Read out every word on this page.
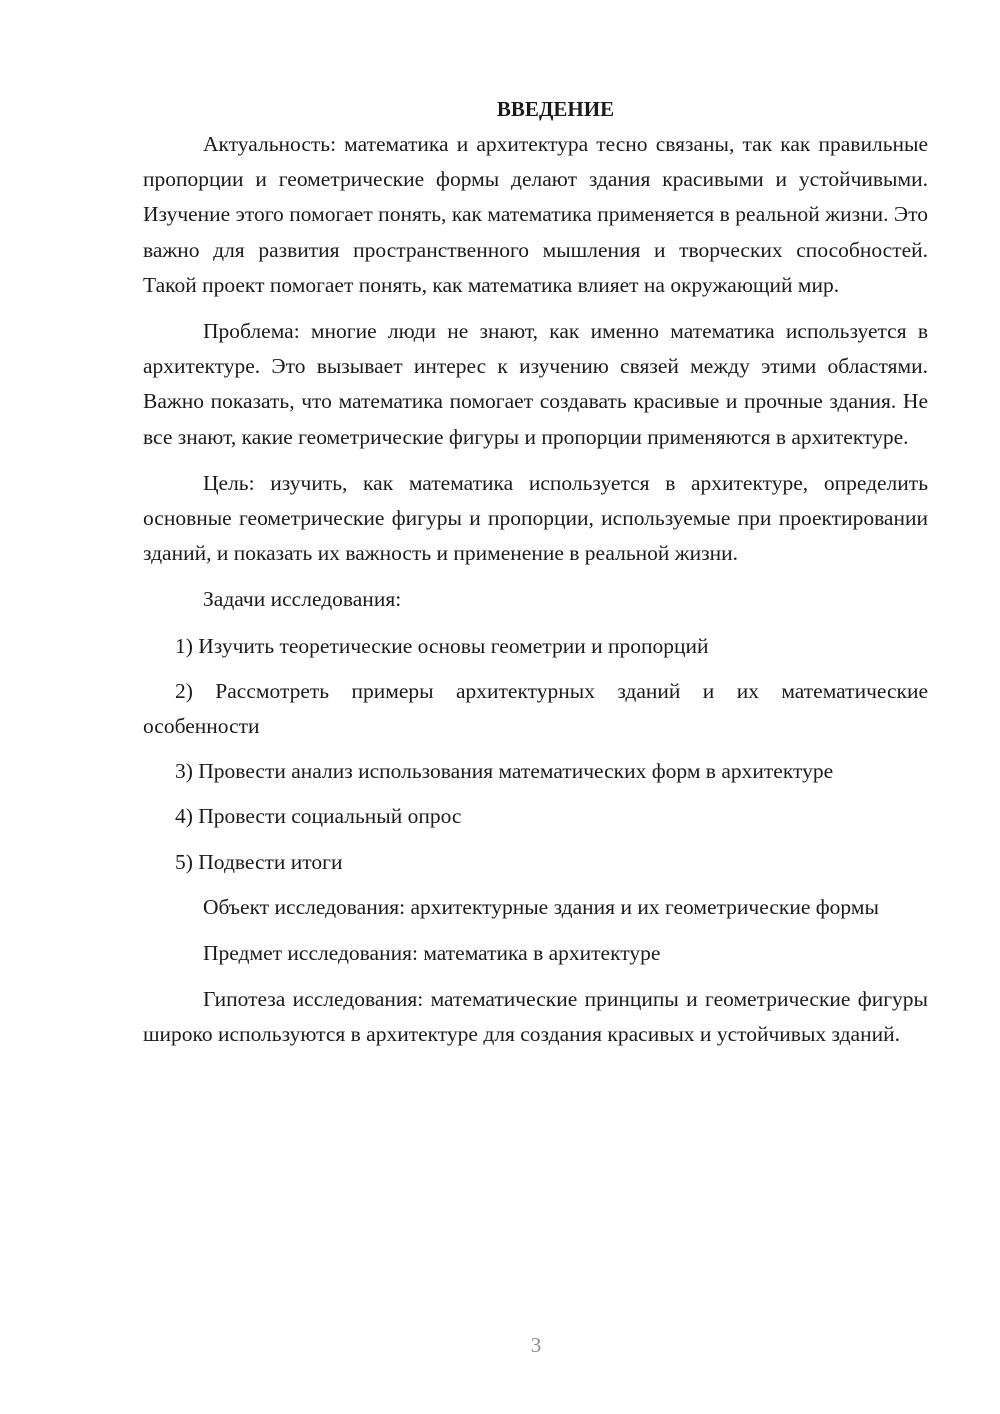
ВВЕДЕНИЕ

Актуальность: математика и архитектура тесно связаны, так как правильные пропорции и геометрические формы делают здания красивыми и устойчивыми. Изучение этого помогает понять, как математика применяется в реальной жизни. Это важно для развития пространственного мышления и творческих способностей. Такой проект помогает понять, как математика влияет на окружающий мир.

Проблема: многие люди не знают, как именно математика используется в архитектуре. Это вызывает интерес к изучению связей между этими областями. Важно показать, что математика помогает создавать красивые и прочные здания. Не все знают, какие геометрические фигуры и пропорции применяются в архитектуре.

Цель: изучить, как математика используется в архитектуре, определить основные геометрические фигуры и пропорции, используемые при проектировании зданий, и показать их важность и применение в реальной жизни.

Задачи исследования:

1) Изучить теоретические основы геометрии и пропорций

2) Рассмотреть примеры архитектурных зданий и их математические особенности

3) Провести анализ использования математических форм в архитектуре

4) Провести социальный опрос

5) Подвести итоги

Объект исследования: архитектурные здания и их геометрические формы

Предмет исследования: математика в архитектуре

Гипотеза исследования: математические принципы и геометрические фигуры широко используются в архитектуре для создания красивых и устойчивых зданий.

3
